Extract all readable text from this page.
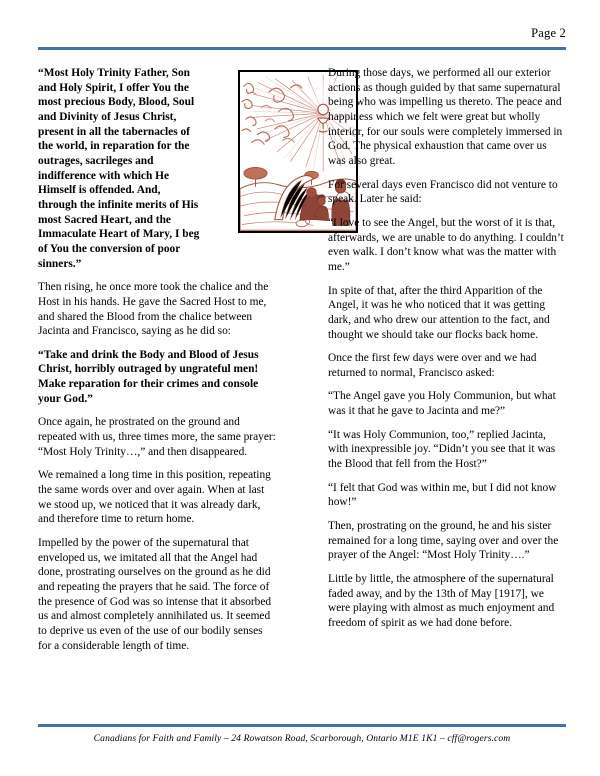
Page 2

“Most Holy Trinity Father, Son and Holy Spirit, I offer You the most precious Body, Blood, Soul and Divinity of Jesus Christ, present in all the tabernacles of the world, in reparation for the outrages, sacrileges and indifference with which He Himself is offended. And, through the infinite merits of His most Sacred Heart, and the Immaculate Heart of Mary, I beg of You the conversion of poor sinners.”

Then rising, he once more took the chalice and the Host in his hands. He gave the Sacred Host to me, and shared the Blood from the chalice between Jacinta and Francisco, saying as he did so:

“Take and drink the Body and Blood of Jesus Christ, horribly outraged by ungrateful men! Make reparation for their crimes and console your God.”

Once again, he prostrated on the ground and repeated with us, three times more, the same prayer: “Most Holy Trinity…,” and then disappeared.

We remained a long time in this position, repeating the same words over and over again. When at last we stood up, we noticed that it was already dark, and therefore time to return home.

Impelled by the power of the supernatural that enveloped us, we imitated all that the Angel had done, prostrating ourselves on the ground as he did and repeating the prayers that he said. The force of the presence of God was so intense that it absorbed us and almost completely annihilated us. It seemed to deprive us even of the use of our bodily senses for a considerable length of time.

During those days, we performed all our exterior actions as though guided by that same supernatural being who was impelling us thereto. The peace and happiness which we felt were great but wholly interior, for our souls were completely immersed in God. The physical exhaustion that came over us was also great.

For several days even Francisco did not venture to speak. Later he said:

“I love to see the Angel, but the worst of it is that, afterwards, we are unable to do anything. I couldn’t even walk. I don’t know what was the matter with me.”

In spite of that, after the third Apparition of the Angel, it was he who noticed that it was getting dark, and who drew our attention to the fact, and thought we should take our flocks back home.

Once the first few days were over and we had returned to normal, Francisco asked:

“The Angel gave you Holy Communion, but what was it that he gave to Jacinta and me?”

“It was Holy Communion, too,” replied Jacinta, with inexpressible joy. “Didn’t you see that it was the Blood that fell from the Host?”

“I felt that God was within me, but I did not know how!”

Then, prostrating on the ground, he and his sister remained for a long time, saying over and over the prayer of the Angel: “Most Holy Trinity….”

Little by little, the atmosphere of the supernatural faded away, and by the 13th of May [1917], we were playing with almost as much enjoyment and freedom of spirit as we had done before.

Canadians for Faith and Family – 24 Rowatson Road, Scarborough, Ontario M1E 1K1 – cff@rogers.com
